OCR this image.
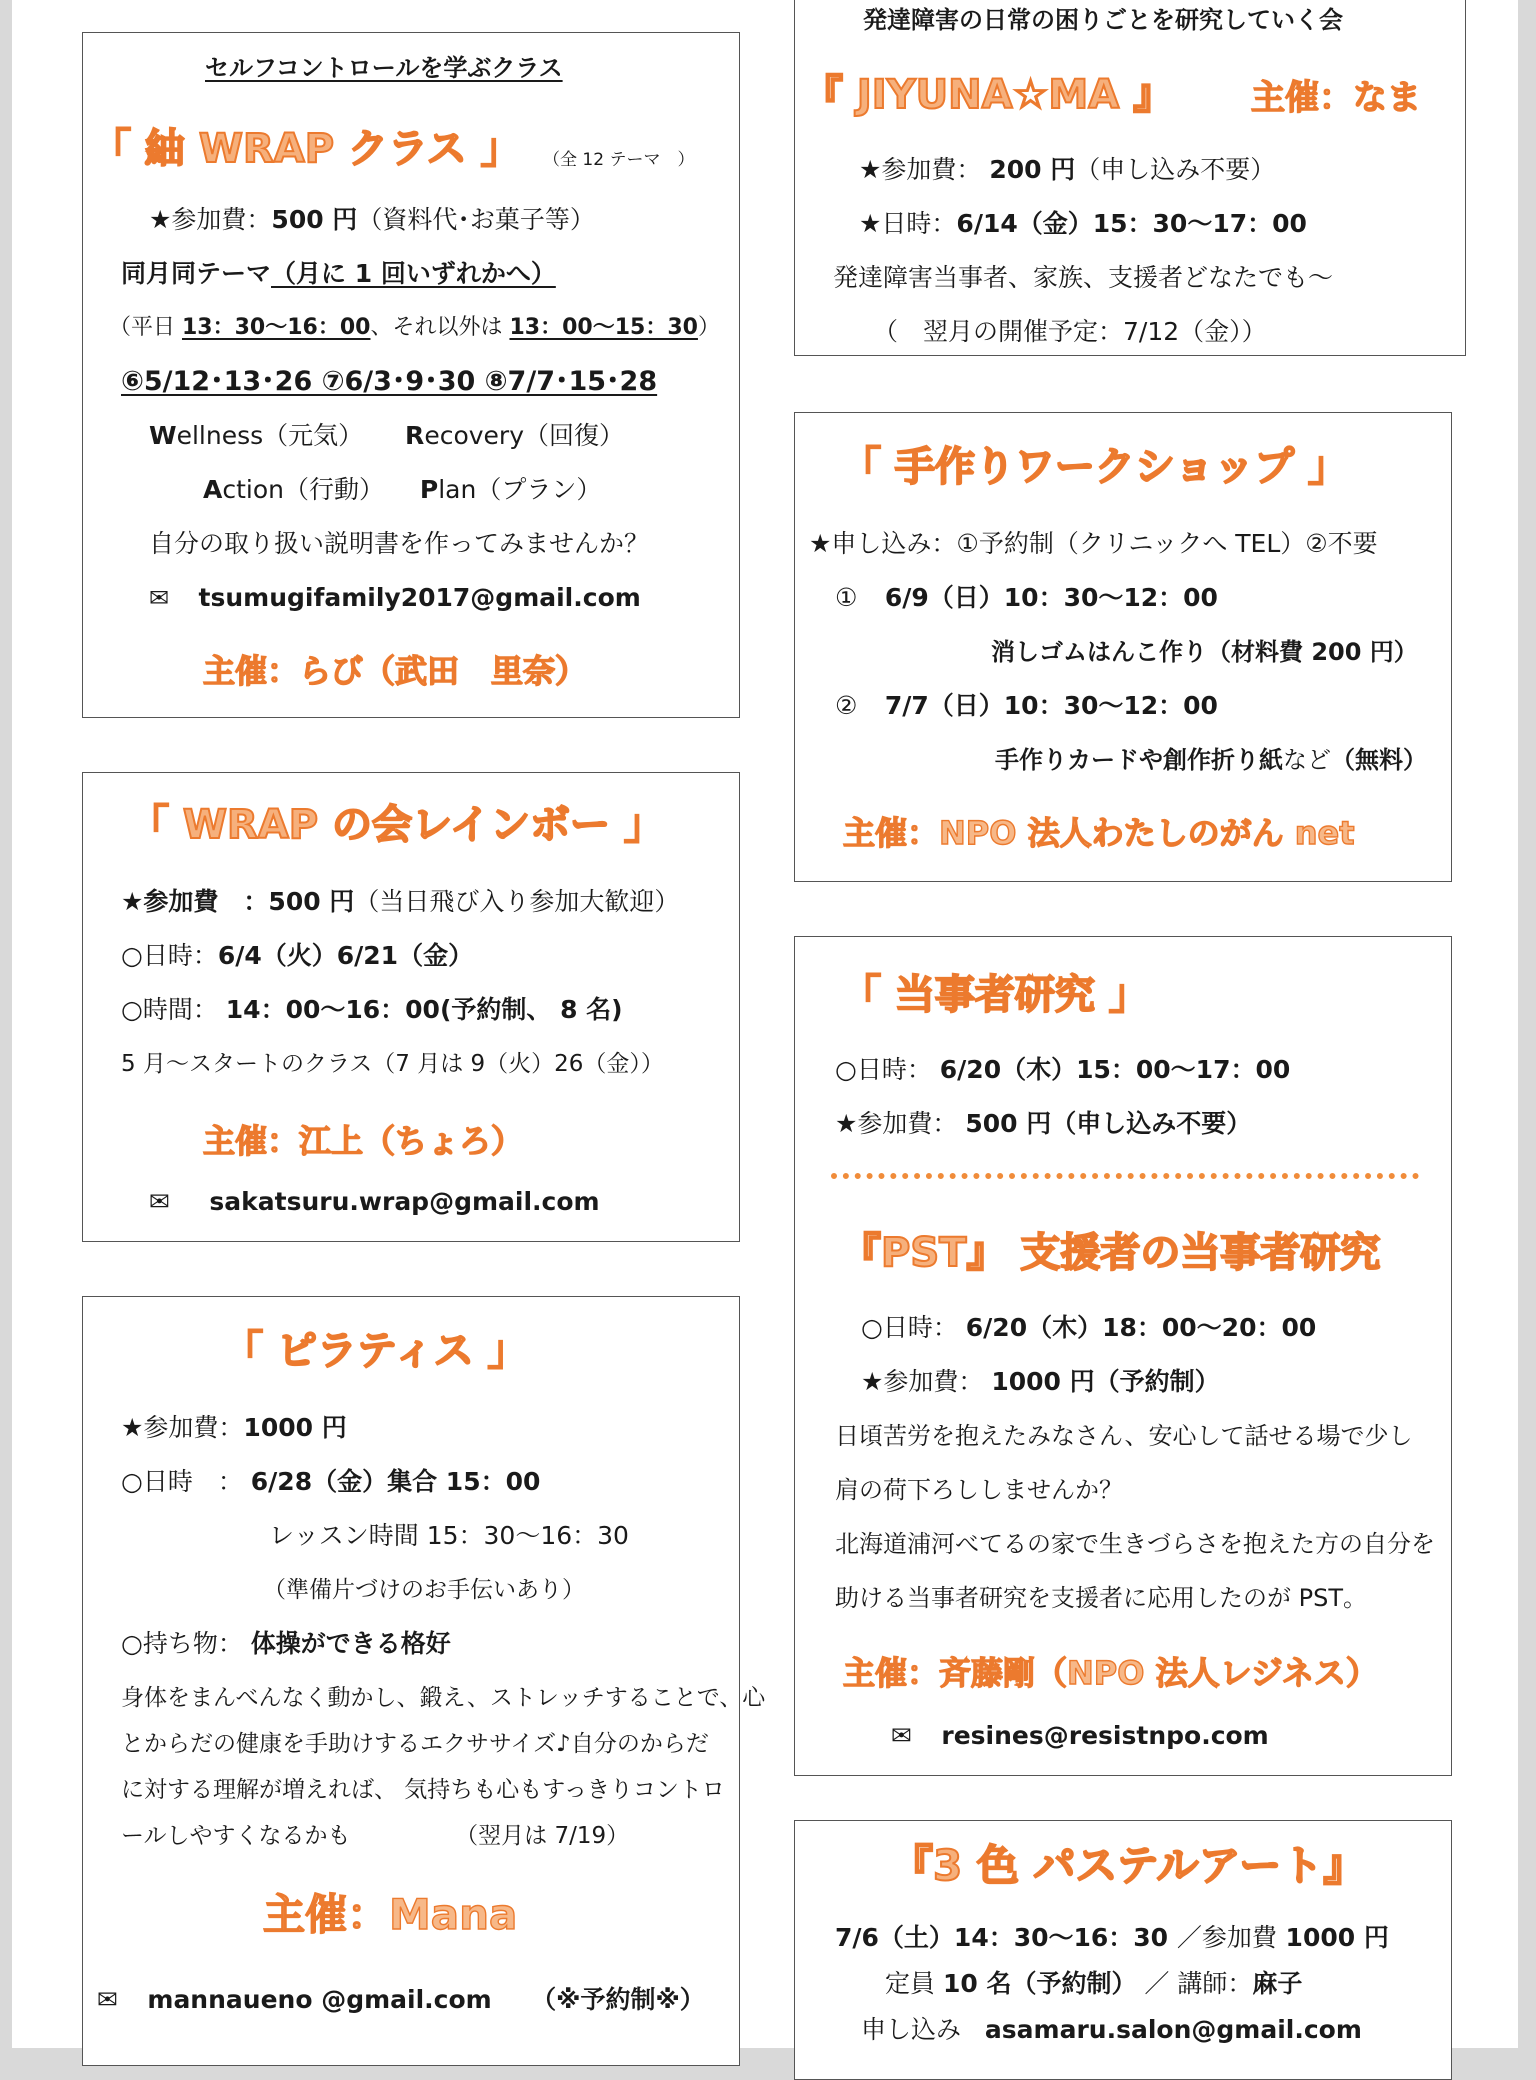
発達障害の日常の困りごとを研究していく会
『 JIYUNA☆MA 』 主催：なま
★参加費： 200 円（申し込み不要）
★日時：6/14（金）15：30〜17：00
発達障害当事者、家族、支援者どなたでも〜
（　翌月の開催予定：7/12（金））
セルフコントロールを学ぶクラス
「 紬 WRAP クラス 」 （全 12 テーマ　）
★参加費：500 円（資料代･お菓子等）
同月同テーマ（月に 1 回いずれかへ）
（平日 13：30〜16：00、それ以外は 13：00〜15：30）
⑥5/12･13･26 ⑦6/3･9･30 ⑧7/7･15･28
Wellness（元気） Recovery（回復）
Action（行動） Plan（プラン）
自分の取り扱い説明書を作ってみませんか？
✉ tsumugifamily2017@gmail.com
主催：らび（武田　里奈）
「 手作りワークショップ 」
★申し込み：①予約制（クリニックへ TEL）②不要
① 6/9（日）10：30〜12：00
消しゴムはんこ作り（材料費 200 円）
② 7/7（日）10：30〜12：00
手作りカードや創作折り紙など（無料）
主催：NPO 法人わたしのがん net
「 WRAP の会レインボー 」
★参加費　：500 円（当日飛び入り参加大歓迎）
○日時：6/4（火）6/21（金）
○時間： 14：00〜16：00(予約制、 8 名)
5 月〜スタートのクラス（7 月は 9（火）26（金））
主催：江上（ちょろ）
✉ sakatsuru.wrap@gmail.com
「 当事者研究 」
○日時： 6/20（木）15：00〜17：00
★参加費： 500 円（申し込み不要）
『PST』 支援者の当事者研究
○日時： 6/20（木）18：00〜20：00
★参加費： 1000 円（予約制）
日頃苦労を抱えたみなさん、安心して話せる場で少し
肩の荷下ろししませんか？
北海道浦河べてるの家で生きづらさを抱えた方の自分を
助ける当事者研究を支援者に応用したのが PST。
主催：斉藤剛（NPO 法人レジネス）
✉ resines@resistnpo.com
「 ピラティス 」
★参加費：1000 円
○日時　： 6/28（金）集合 15：00
レッスン時間 15：30〜16：30
（準備片づけのお手伝いあり）
○持ち物： 体操ができる格好
身体をまんべんなく動かし、鍛え、ストレッチすることで、心
とからだの健康を手助けするエクササイズ♪自分のからだ
に対する理解が増えれば、 気持ちも心もすっきりコントロ
ールしやすくなるかも	（翌月は 7/19）
主催：Mana
✉ mannaueno @gmail.com （※予約制※）
『3 色 パステルアート』
7/6（土）14：30〜16：30 ／参加費 1000 円
定員 10 名（予約制） ／ 講師：麻子
申し込み asamaru.salon@gmail.com
